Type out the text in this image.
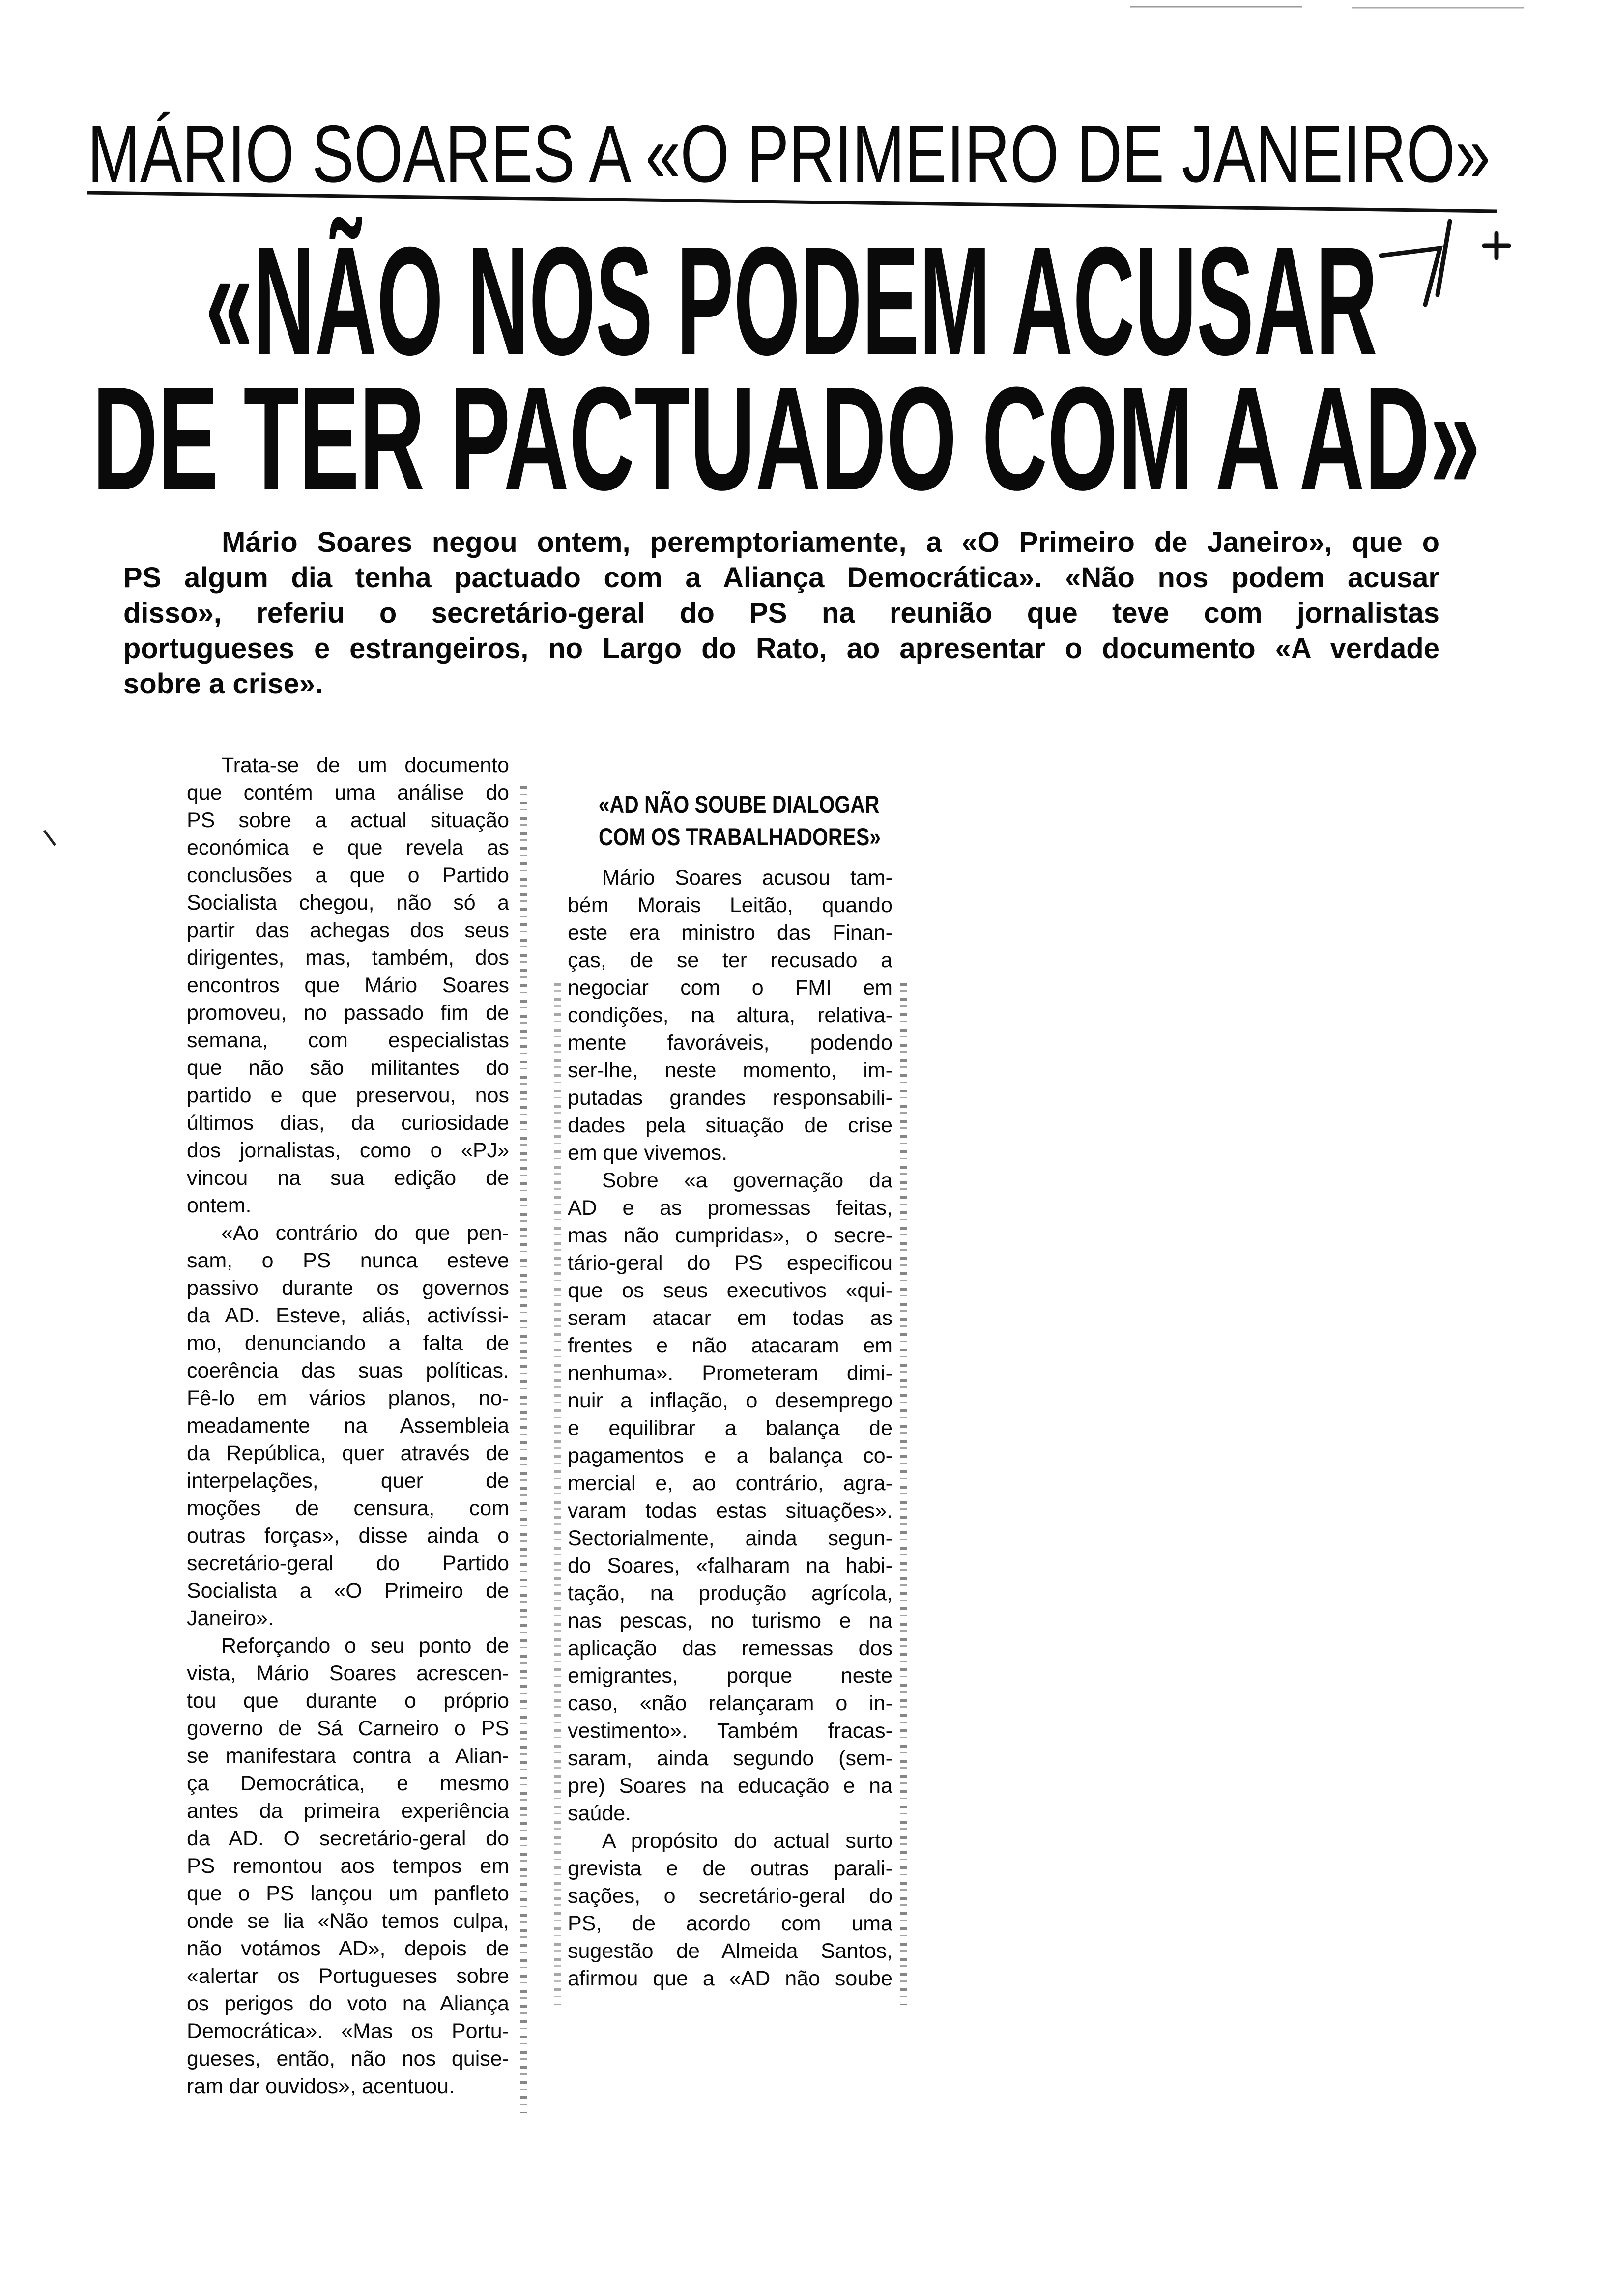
MÁRIO SOARES A «O PRIMEIRO DE JANEIRO»
«NÃO NOS PODEM ACUSAR
DE TER PACTUADO COM A AD»
Mário Soares negou ontem, peremptoriamente, a «O Primeiro de Janeiro», que o
PS algum dia tenha pactuado com a Aliança Democrática». «Não nos podem acusar
disso», referiu o secretário-geral do PS na reunião que teve com jornalistas
portugueses e estrangeiros, no Largo do Rato, ao apresentar o documento «A verdade
sobre a crise».
Trata-se de um documento
que contém uma análise do
PS sobre a actual situação
económica e que revela as
conclusões a que o Partido
Socialista chegou, não só a
partir das achegas dos seus
dirigentes, mas, também, dos
encontros que Mário Soares
promoveu, no passado fim de
semana, com especialistas
que não são militantes do
partido e que preservou, nos
últimos dias, da curiosidade
dos jornalistas, como o «PJ»
vincou na sua edição de
ontem.
«Ao contrário do que pen-
sam, o PS nunca esteve
passivo durante os governos
da AD. Esteve, aliás, activíssi-
mo, denunciando a falta de
coerência das suas políticas.
Fê-lo em vários planos, no-
meadamente na Assembleia
da República, quer através de
interpelações, quer de
moções de censura, com
outras forças», disse ainda o
secretário-geral do Partido
Socialista a «O Primeiro de
Janeiro».
Reforçando o seu ponto de
vista, Mário Soares acrescen-
tou que durante o próprio
governo de Sá Carneiro o PS
se manifestara contra a Alian-
ça Democrática, e mesmo
antes da primeira experiência
da AD. O secretário-geral do
PS remontou aos tempos em
que o PS lançou um panfleto
onde se lia «Não temos culpa,
não votámos AD», depois de
«alertar os Portugueses sobre
os perigos do voto na Aliança
Democrática». «Mas os Portu-
gueses, então, não nos quise-
ram dar ouvidos», acentuou.
«AD NÃO SOUBE DIALOGAR
COM OS TRABALHADORES»
Mário Soares acusou tam-
bém Morais Leitão, quando
este era ministro das Finan-
ças, de se ter recusado a
negociar com o FMI em
condições, na altura, relativa-
mente favoráveis, podendo
ser-lhe, neste momento, im-
putadas grandes responsabili-
dades pela situação de crise
em que vivemos.
Sobre «a governação da
AD e as promessas feitas,
mas não cumpridas», o secre-
tário-geral do PS especificou
que os seus executivos «qui-
seram atacar em todas as
frentes e não atacaram em
nenhuma». Prometeram dimi-
nuir a inflação, o desemprego
e equilibrar a balança de
pagamentos e a balança co-
mercial e, ao contrário, agra-
varam todas estas situações».
Sectorialmente, ainda segun-
do Soares, «falharam na habi-
tação, na produção agrícola,
nas pescas, no turismo e na
aplicação das remessas dos
emigrantes, porque neste
caso, «não relançaram o in-
vestimento». Também fracas-
saram, ainda segundo (sem-
pre) Soares na educação e na
saúde.
A propósito do actual surto
grevista e de outras parali-
sações, o secretário-geral do
PS, de acordo com uma
sugestão de Almeida Santos,
afirmou que a «AD não soube
